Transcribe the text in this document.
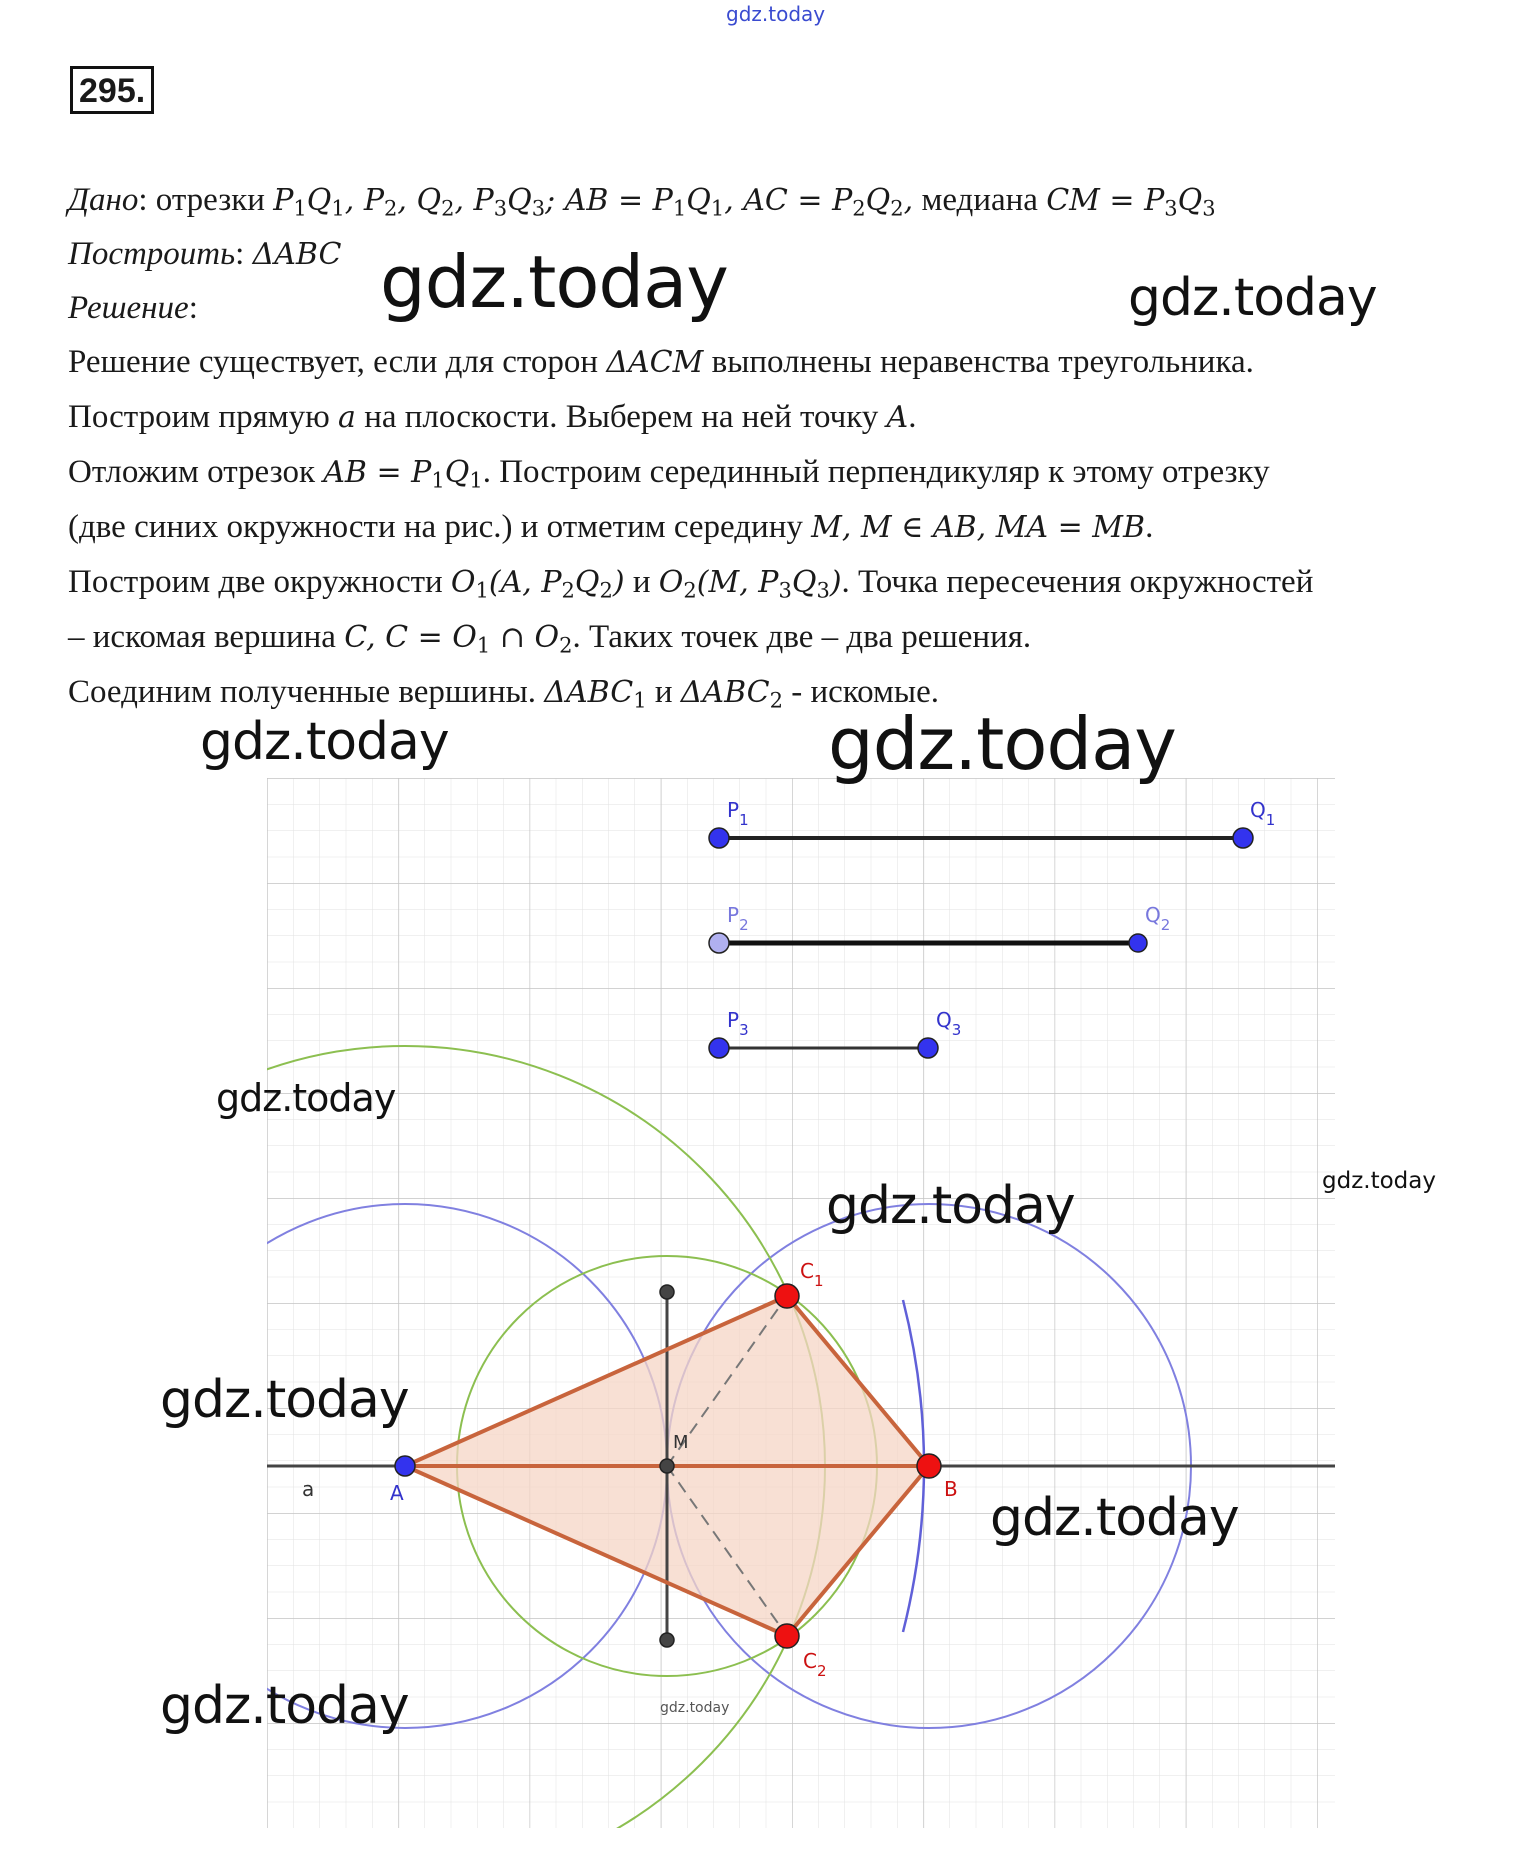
gdz.today
295.
Дано: отрезки $P_1Q_1$, $P_2$, $Q_2$, $P_3Q_3$; AB = $P_1Q_1$, AC = $P_2Q_2$, медиана CM = $P_3Q_3$
Построить: ΔABC
Решение:
Решение существует, если для сторон ΔACM выполнены неравенства треугольника.
Построим прямую a на плоскости. Выберем на ней точку A.
Отложим отрезок AB = $P_1Q_1$. Построим серединный перпендикуляр к этому отрезку
(две синих окружности на рис.) и отметим середину M, M ∈ AB, MA = MB.
Построим две окружности $O_1(A$, $P_2Q_2$) и $O_2(M$, $P_3Q_3$). Точка пересечения окружностей
– искомая вершина C, $C = O_1$ ∩ $O_2$. Таких точек две – два решения.
Соединим полученные вершины. $\Delta ABC_1$ и $\Delta ABC_2$ - искомые.
$P_1$	$Q_1$
$P_2$	$Q_2$
$P_3$	$Q_3$
A	B
M
a
$C_1$
$C_2$
gdz.today	gdz.today
gdz.today	gdz.today
gdz.today
gdz.today
gdz.today
gdz.today
gdz.today
gdz.today	gdz.today
